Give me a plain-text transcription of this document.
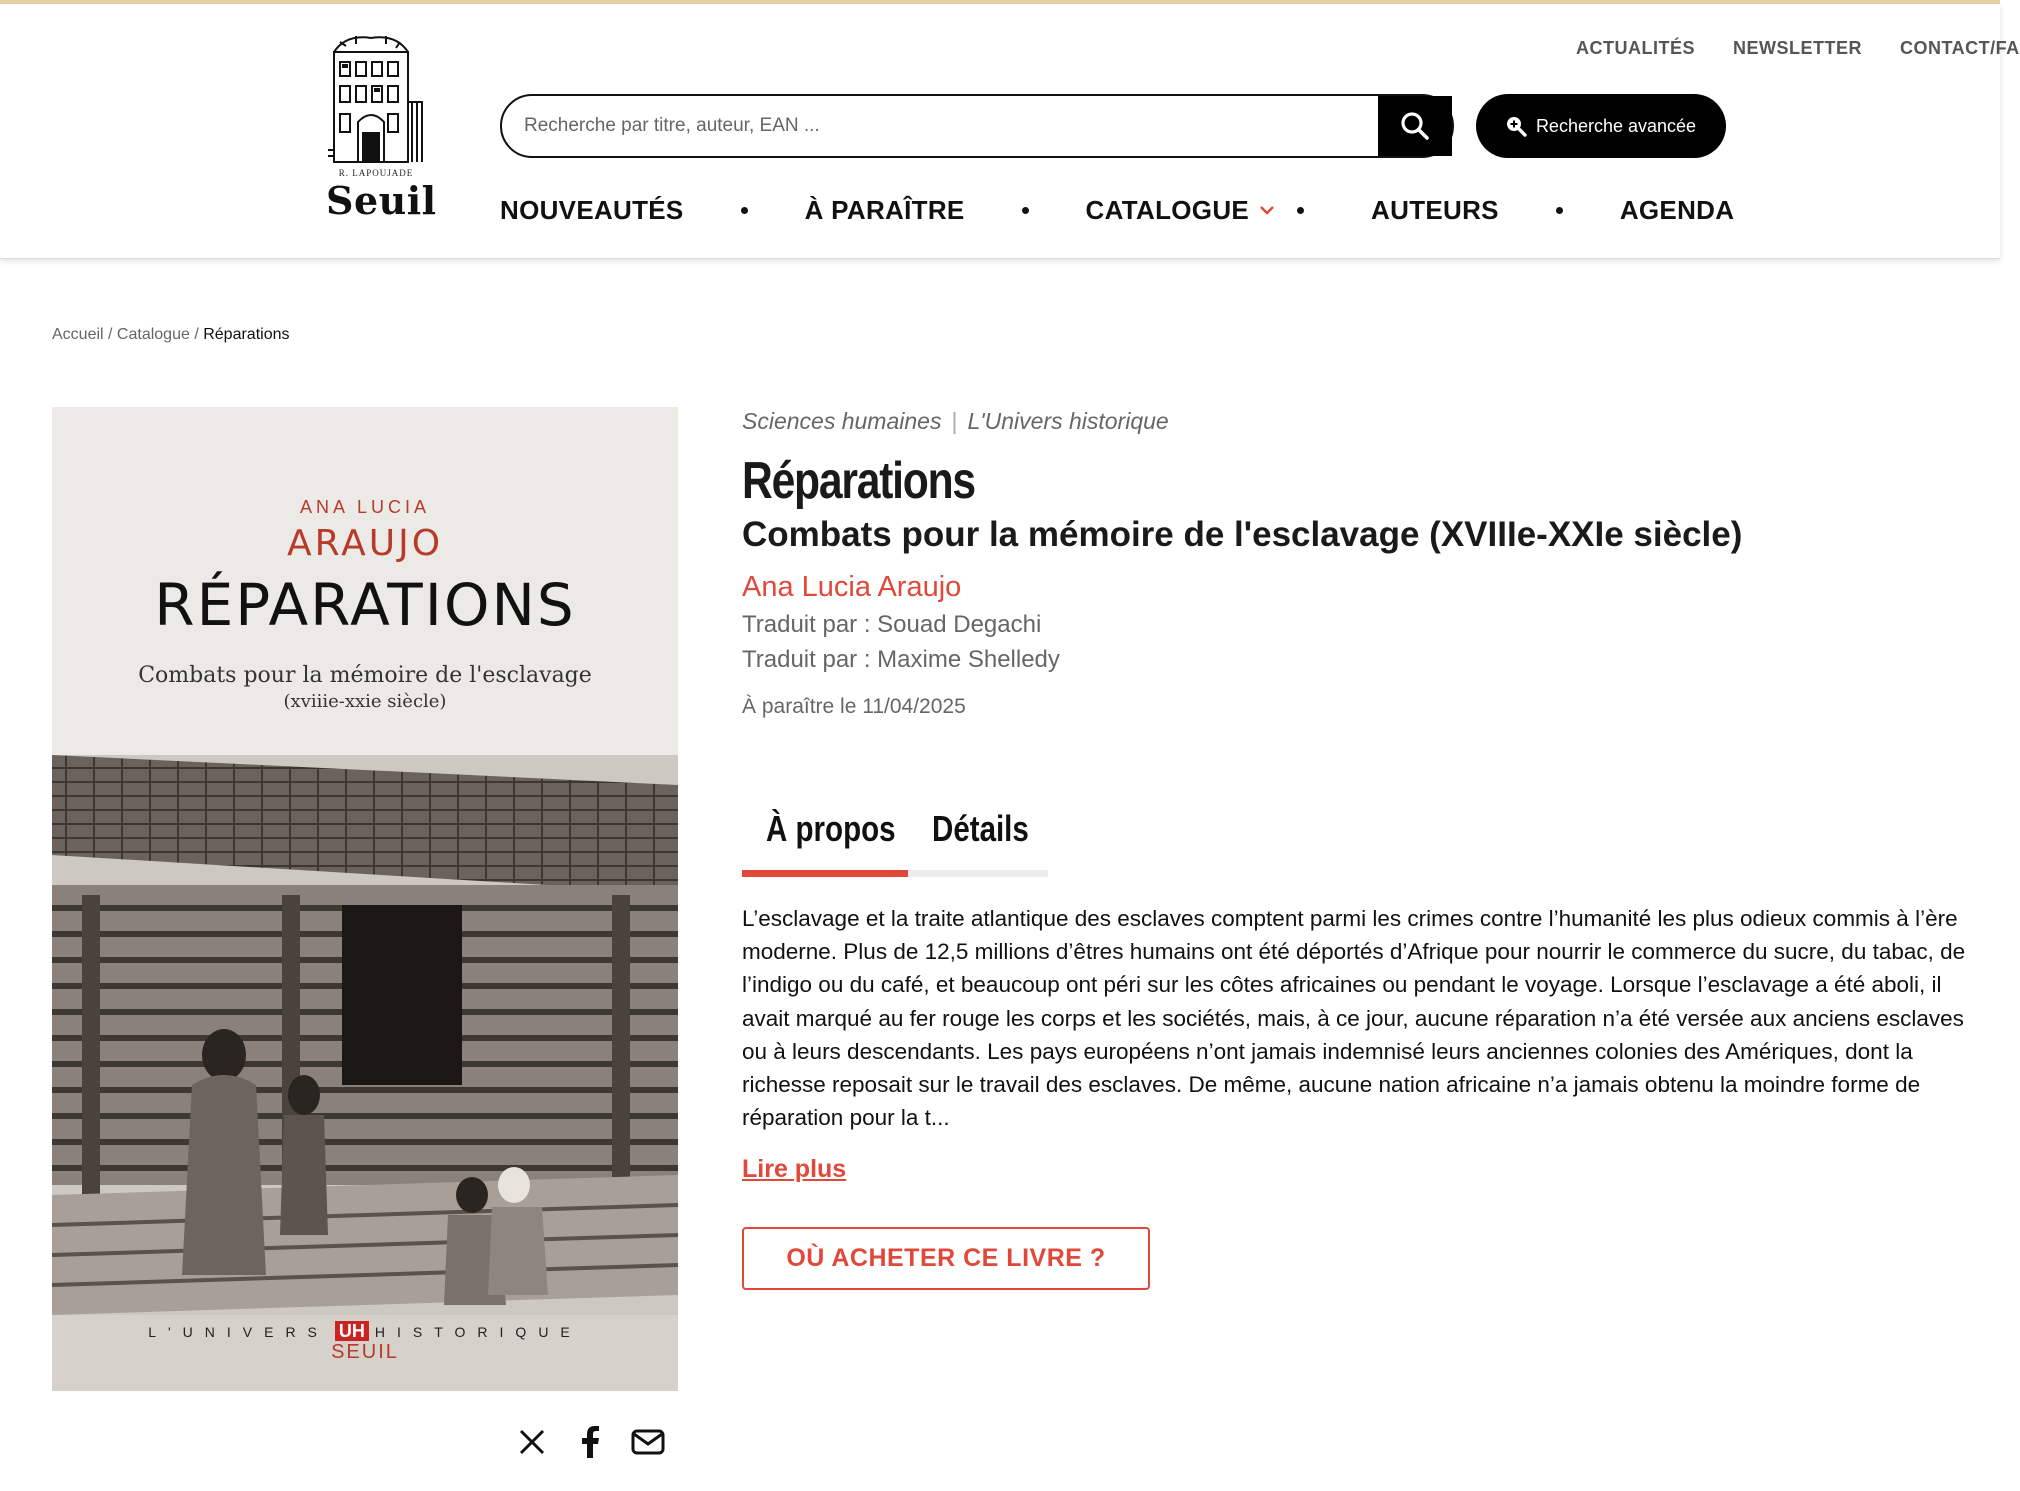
R. LAPOUJADE
Seuil
ACTUALITÉS NEWSLETTER CONTACT/FA
Recherche par titre, auteur, EAN ...
Recherche avancée
NOUVEAUTÉS	À PARAÎTRE	CATALOGUE	AUTEURS	AGENDA
Accueil / Catalogue / Réparations
ANA LUCIA
ARAUJO
RÉPARATIONS
Combats pour la mémoire de l'esclavage
(xviiie-xxie siècle)
L'UNIVERS UH HISTORIQUE
SEUIL
Sciences humaines | L'Univers historique
Réparations
Combats pour la mémoire de l'esclavage (XVIIIe-XXIe siècle)
Ana Lucia Araujo
Traduit par : Souad Degachi
Traduit par : Maxime Shelledy
À paraître le 11/04/2025
À propos Détails
L’esclavage et la traite atlantique des esclaves comptent parmi les crimes contre l’humanité les plus odieux commis à l’ère moderne. Plus de 12,5 millions d’êtres humains ont été déportés d’Afrique pour nourrir le commerce du sucre, du tabac, de l’indigo ou du café, et beaucoup ont péri sur les côtes africaines ou pendant le voyage. Lorsque l’esclavage a été aboli, il avait marqué au fer rouge les corps et les sociétés, mais, à ce jour, aucune réparation n’a été versée aux anciens esclaves ou à leurs descendants. Les pays européens n’ont jamais indemnisé leurs anciennes colonies des Amériques, dont la richesse reposait sur le travail des esclaves. De même, aucune nation africaine n’a jamais obtenu la moindre forme de réparation pour la t...
Lire plus
OÙ ACHETER CE LIVRE ?
